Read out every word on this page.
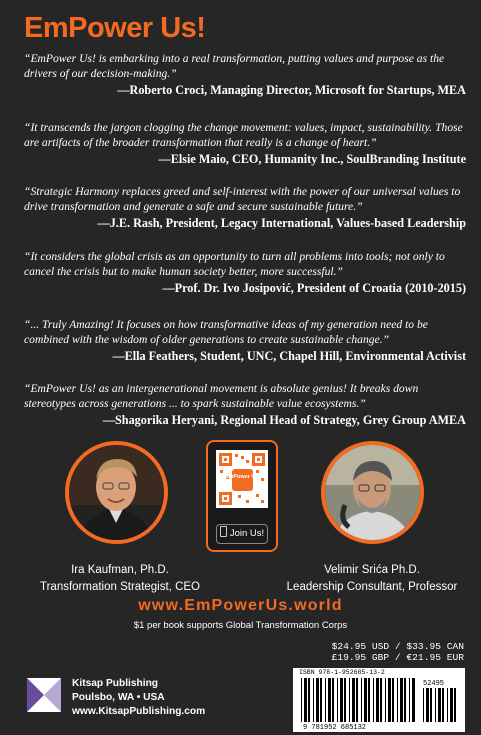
EmPower Us!

“EmPower Us! is embarking into a real transformation, putting values and purpose as the drivers of our decision-making.”

—Roberto Croci, Managing Director, Microsoft for Startups, MEA

“It transcends the jargon clogging the change movement: values, impact, sustainability. Those are artifacts of the broader transformation that really is a change of heart.”

—Elsie Maio, CEO, Humanity Inc., SoulBranding Institute

“Strategic Harmony replaces greed and self-interest with the power of our universal values to drive transformation and generate a safe and secure sustainable future.”

—J.E. Rash, President, Legacy International, Values-based Leadership

“It considers the global crisis as an opportunity to turn all problems into tools; not only to cancel the crisis but to make human society better, more successful.”

—Prof. Dr. Ivo Josipović, President of Croatia (2010-2015)

“... Truly Amazing! It focuses on how transformative ideas of my generation need to be combined with the wisdom of older generations to create sustainable change.”

—Ella Feathers, Student, UNC, Chapel Hill, Environmental Activist

“EmPower Us! as an intergenerational movement is absolute genius! It breaks down stereotypes across generations ... to spark sustainable value ecosystems.”

—Shagorika Heryani, Regional Head of Strategy, Grey Group AMEA
Ira Kaufman, Ph.D.
Transformation Strategist, CEO
EmPower Us!
Join Us!
Velimir Srića Ph.D.
Leadership Consultant, Professor
www.EmPowerUs.world
$1 per book supports Global Transformation Corps
$24.95 USD / $33.95 CAN
£19.95 GBP / €21.95 EUR
ISBN 978-1-952685-13-2
9 781952 685132
52495
Kitsap Publishing
Poulsbo, WA • USA
www.KitsapPublishing.com
